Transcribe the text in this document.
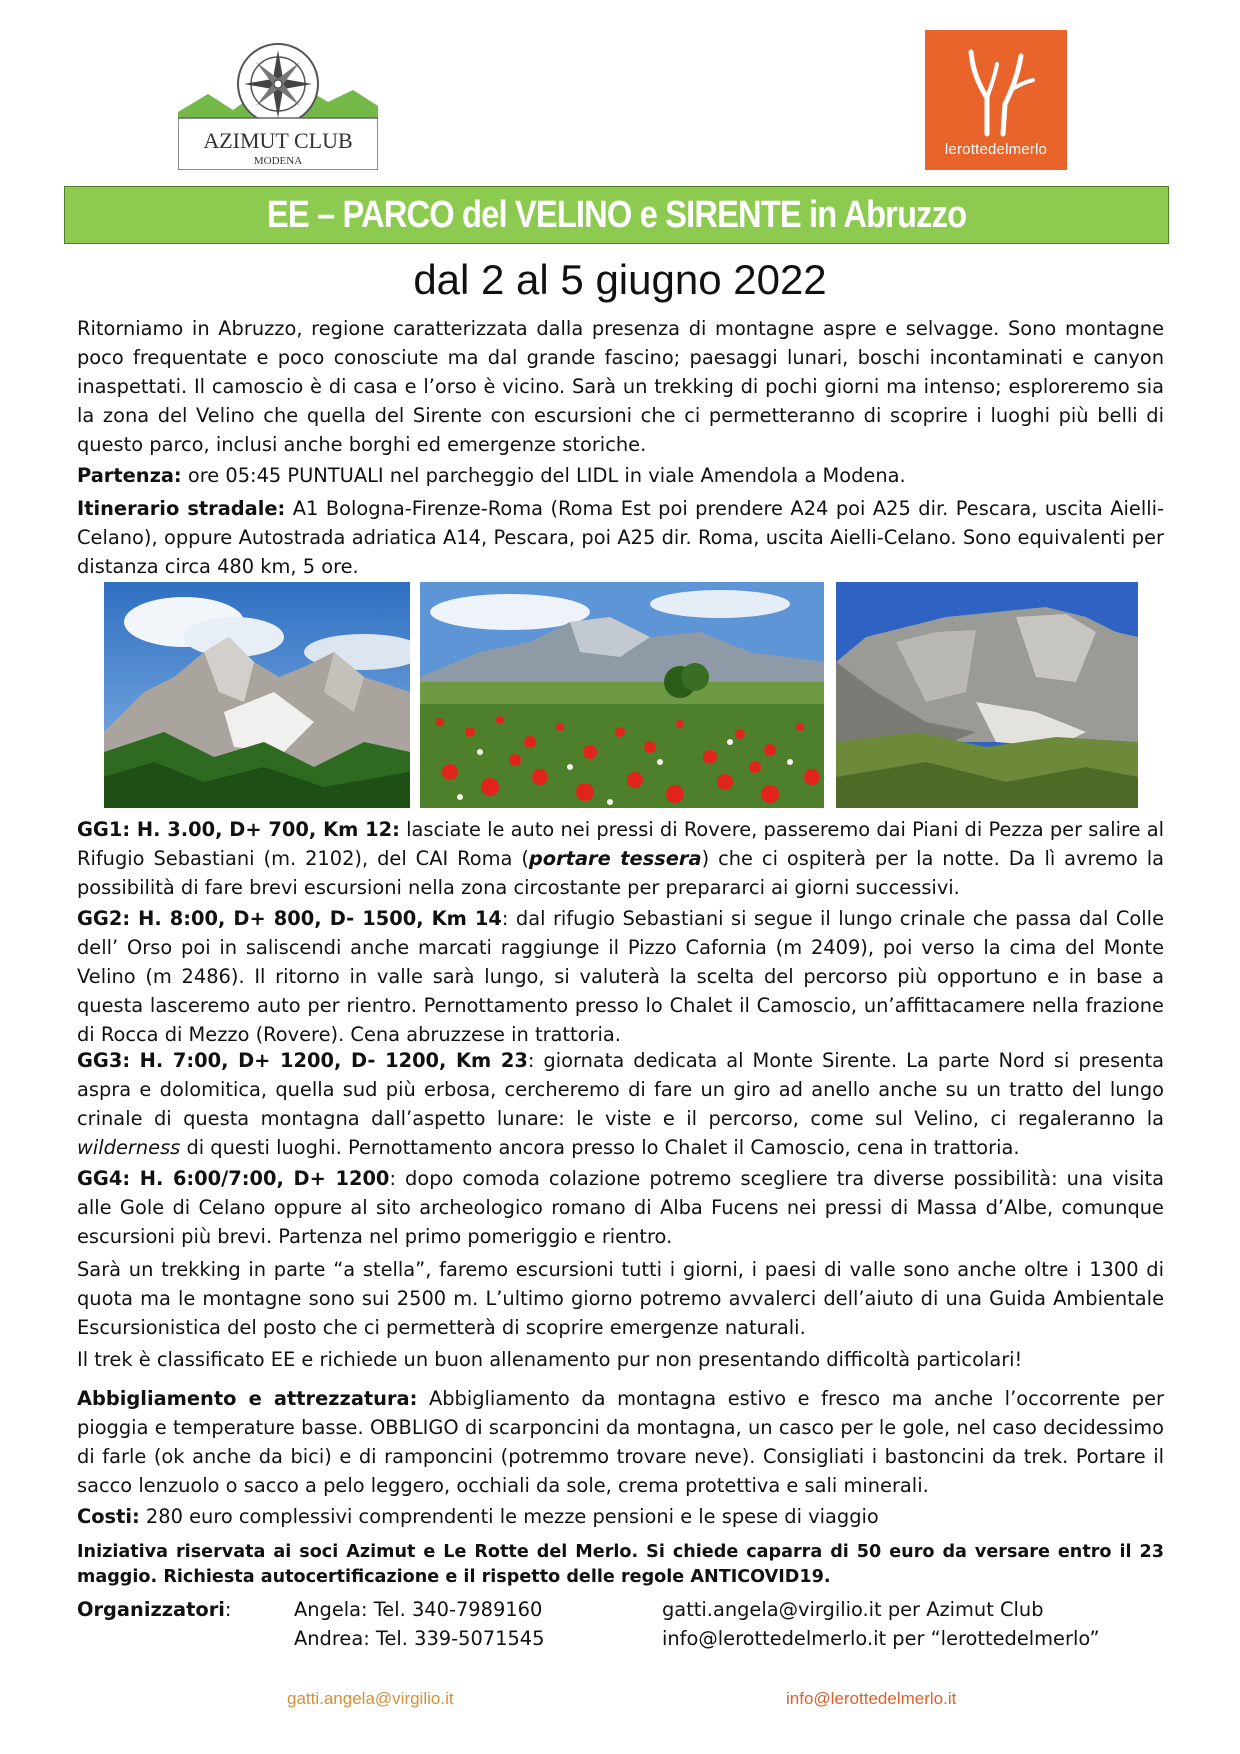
AZIMUT CLUB
MODENA
lerottedelmerlo
EE – PARCO del VELINO e SIRENTE in Abruzzo
dal 2 al 5 giugno 2022
Ritorniamo in Abruzzo, regione caratterizzata dalla presenza di montagne aspre e selvagge. Sono montagne poco frequentate e poco conosciute ma dal grande fascino; paesaggi lunari, boschi incontaminati e canyon inaspettati. Il camoscio è di casa e l’orso è vicino. Sarà un trekking di pochi giorni ma intenso; esploreremo sia la zona del Velino che quella del Sirente con escursioni che ci permetteranno di scoprire i luoghi più belli di questo parco, inclusi anche borghi ed emergenze storiche.
Partenza: ore 05:45 PUNTUALI nel parcheggio del LIDL in viale Amendola a Modena.
Itinerario stradale: A1 Bologna-Firenze-Roma (Roma Est poi prendere A24 poi A25 dir. Pescara, uscita Aielli-Celano), oppure Autostrada adriatica A14, Pescara, poi A25 dir. Roma, uscita Aielli-Celano. Sono equivalenti per distanza circa 480 km, 5 ore.
GG1: H. 3.00, D+ 700, Km 12: lasciate le auto nei pressi di Rovere, passeremo dai Piani di Pezza per salire al Rifugio Sebastiani (m. 2102), del CAI Roma (portare tessera) che ci ospiterà per la notte. Da lì avremo la possibilità di fare brevi escursioni nella zona circostante per prepararci ai giorni successivi.
GG2: H. 8:00, D+ 800, D- 1500, Km 14: dal rifugio Sebastiani si segue il lungo crinale che passa dal Colle dell’ Orso poi in saliscendi anche marcati raggiunge il Pizzo Cafornia (m 2409), poi verso la cima del Monte Velino (m 2486). Il ritorno in valle sarà lungo, si valuterà la scelta del percorso più opportuno e in base a questa lasceremo auto per rientro. Pernottamento presso lo Chalet il Camoscio, un’affittacamere nella frazione di Rocca di Mezzo (Rovere). Cena abruzzese in trattoria.
GG3: H. 7:00, D+ 1200, D- 1200, Km 23: giornata dedicata al Monte Sirente. La parte Nord si presenta aspra e dolomitica, quella sud più erbosa, cercheremo di fare un giro ad anello anche su un tratto del lungo crinale di questa montagna dall’aspetto lunare: le viste e il percorso, come sul Velino, ci regaleranno la wilderness di questi luoghi. Pernottamento ancora presso lo Chalet il Camoscio, cena in trattoria.
GG4: H. 6:00/7:00, D+ 1200: dopo comoda colazione potremo scegliere tra diverse possibilità: una visita alle Gole di Celano oppure al sito archeologico romano di Alba Fucens nei pressi di Massa d’Albe, comunque escursioni più brevi. Partenza nel primo pomeriggio e rientro.
Sarà un trekking in parte “a stella”, faremo escursioni tutti i giorni, i paesi di valle sono anche oltre i 1300 di quota ma le montagne sono sui 2500 m. L’ultimo giorno potremo avvalerci dell’aiuto di una Guida Ambientale Escursionistica del posto che ci permetterà di scoprire emergenze naturali.
Il trek è classificato EE e richiede un buon allenamento pur non presentando difficoltà particolari!
Abbigliamento e attrezzatura: Abbigliamento da montagna estivo e fresco ma anche l’occorrente per pioggia e temperature basse. OBBLIGO di scarponcini da montagna, un casco per le gole, nel caso decidessimo di farle (ok anche da bici) e di ramponcini (potremmo trovare neve). Consigliati i bastoncini da trek. Portare il sacco lenzuolo o sacco a pelo leggero, occhiali da sole, crema protettiva e sali minerali.
Costi: 280 euro complessivi comprendenti le mezze pensioni e le spese di viaggio
Iniziativa riservata ai soci Azimut e Le Rotte del Merlo. Si chiede caparra di 50 euro da versare entro il 23 maggio. Richiesta autocertificazione e il rispetto delle regole ANTICOVID19.
Organizzatori:	Angela: Tel. 340-7989160
Andrea: Tel. 339-5071545
gatti.angela@virgilio.it per Azimut Club
info@lerottedelmerlo.it per “lerottedelmerlo”
gatti.angela@virgilio.it	info@lerottedelmerlo.it
